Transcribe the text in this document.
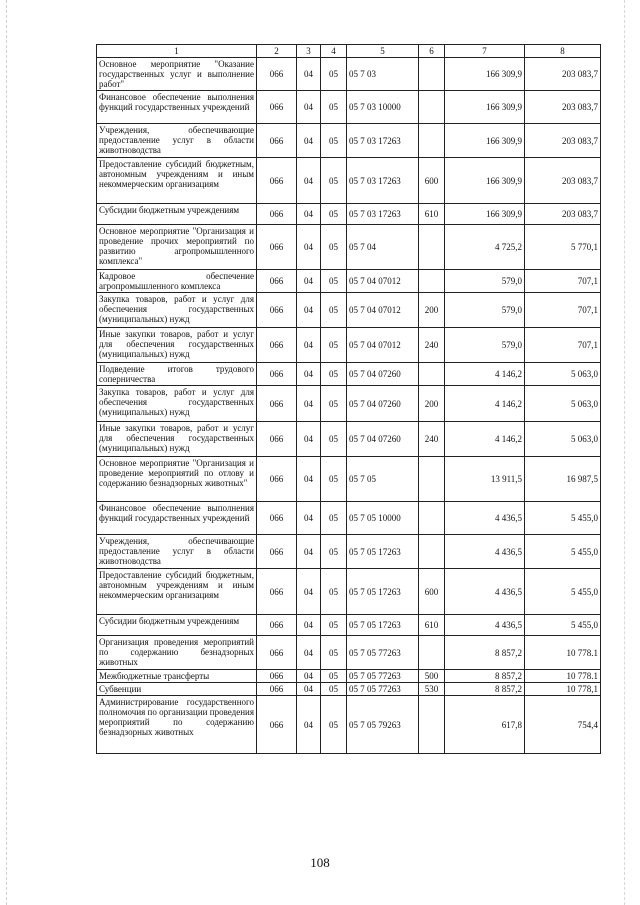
1	2	3	4	5	6	7	8
Основное мероприятие "Оказание государственных услуг и выполнение работ"	066	04	05	05 7 03		166 309,9	203 083,7
Финансовое обеспечение выполнения функций государственных учреждений	066	04	05	05 7 03 10000		166 309,9	203 083,7
Учреждения, обеспечивающие предоставление услуг в области животноводства	066	04	05	05 7 03 17263		166 309,9	203 083,7
Предоставление субсидий бюджетным, автономным учреждениям и иным некоммерческим организациям	066	04	05	05 7 03 17263	600	166 309,9	203 083,7
Субсидии бюджетным учреждениям	066	04	05	05 7 03 17263	610	166 309,9	203 083,7
Основное мероприятие "Организация и проведение прочих мероприятий по развитию агропромышленного комплекса"	066	04	05	05 7 04		4 725,2	5 770,1
Кадровое обеспечение агропромышленного комплекса	066	04	05	05 7 04 07012		579,0	707,1
Закупка товаров, работ и услуг для обеспечения государственных (муниципальных) нужд	066	04	05	05 7 04 07012	200	579,0	707,1
Иные закупки товаров, работ и услуг для обеспечения государственных (муниципальных) нужд	066	04	05	05 7 04 07012	240	579,0	707,1
Подведение итогов трудового соперничества	066	04	05	05 7 04 07260		4 146,2	5 063,0
Закупка товаров, работ и услуг для обеспечения государственных (муниципальных) нужд	066	04	05	05 7 04 07260	200	4 146,2	5 063,0
Иные закупки товаров, работ и услуг для обеспечения государственных (муниципальных) нужд	066	04	05	05 7 04 07260	240	4 146,2	5 063,0
Основное мероприятие "Организация и проведение мероприятий по отлову и содержанию безнадзорных животных"	066	04	05	05 7 05		13 911,5	16 987,5
Финансовое обеспечение выполнения функций государственных учреждений	066	04	05	05 7 05 10000		4 436,5	5 455,0
Учреждения, обеспечивающие предоставление услуг в области животноводства	066	04	05	05 7 05 17263		4 436,5	5 455,0
Предоставление субсидий бюджетным, автономным учреждениям и иным некоммерческим организациям	066	04	05	05 7 05 17263	600	4 436,5	5 455,0
Субсидии бюджетным учреждениям	066	04	05	05 7 05 17263	610	4 436,5	5 455,0
Организация проведения мероприятий по содержанию безнадзорных животных	066	04	05	05 7 05 77263		8 857,2	10 778.1
Межбюджетные трансферты	066	04	05	05 7 05 77263	500	8 857,2	10 778.1
Субвенции	066	04	05	05 7 05 77263	530	8 857,2	10 778,1
Администрирование государственного полномочия по организации проведения мероприятий по содержанию безнадзорных животных	066	04	05	05 7 05 79263		617,8	754,4
108
